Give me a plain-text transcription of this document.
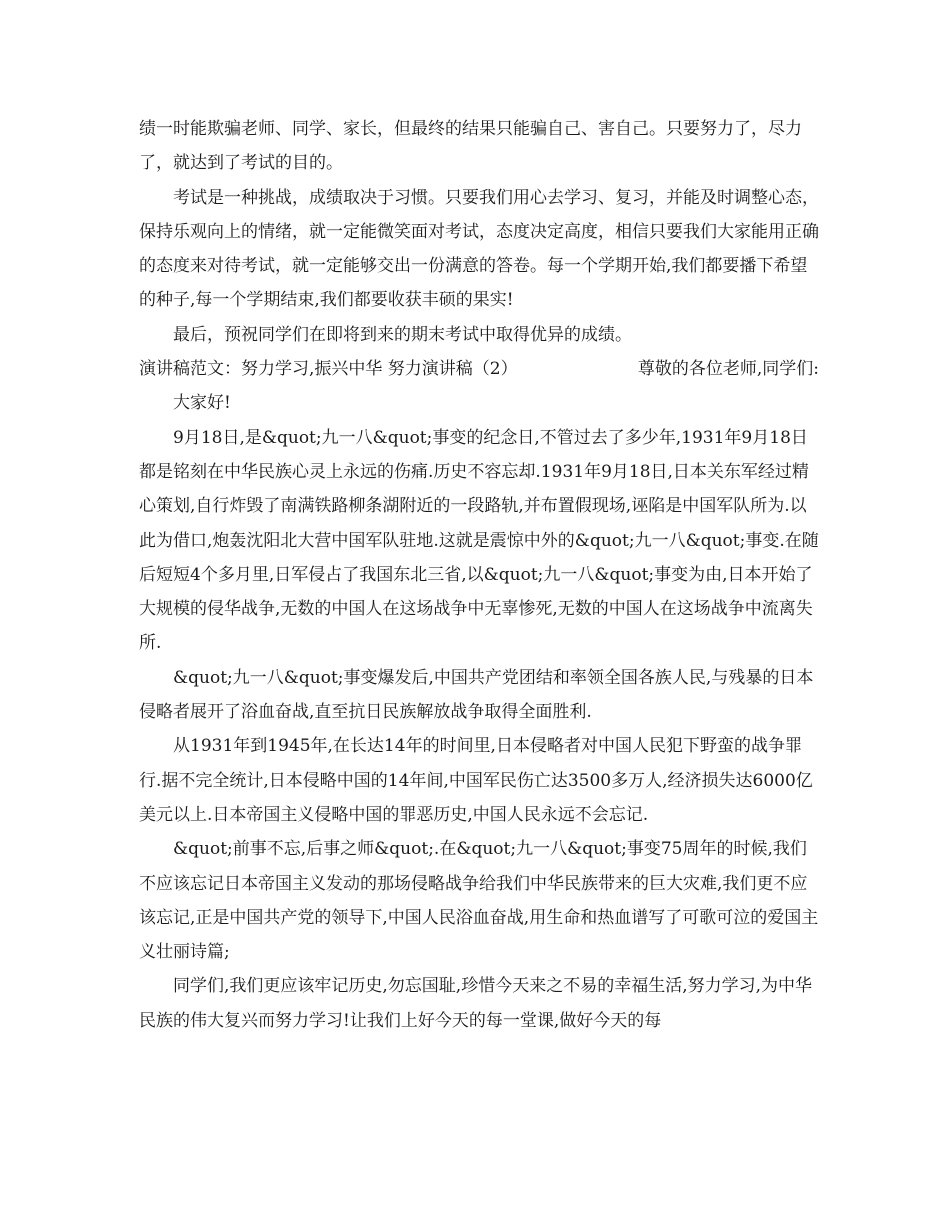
绩一时能欺骗老师、同学、家长，但最终的结果只能骗自己、害自己。只要努力了，尽力了，就达到了考试的目的。

考试是一种挑战，成绩取决于习惯。只要我们用心去学习、复习，并能及时调整心态，保持乐观向上的情绪，就一定能微笑面对考试，态度决定高度，相信只要我们大家能用正确的态度来对待考试，就一定能够交出一份满意的答卷。每一个学期开始,我们都要播下希望的种子,每一个学期结束,我们都要收获丰硕的果实!

最后，预祝同学们在即将到来的期末考试中取得优异的成绩。

演讲稿范文：努力学习,振兴中华 努力演讲稿（2）	尊敬的各位老师,同学们:

大家好!

9月18日,是&quot;九一八&quot;事变的纪念日,不管过去了多少年,1931年9月18日都是铭刻在中华民族心灵上永远的伤痛.历史不容忘却.1931年9月18日,日本关东军经过精心策划,自行炸毁了南满铁路柳条湖附近的一段路轨,并布置假现场,诬陷是中国军队所为.以此为借口,炮轰沈阳北大营中国军队驻地.这就是震惊中外的&quot;九一八&quot;事变.在随后短短4个多月里,日军侵占了我国东北三省,以&quot;九一八&quot;事变为由,日本开始了大规模的侵华战争,无数的中国人在这场战争中无辜惨死,无数的中国人在这场战争中流离失所.

&quot;九一八&quot;事变爆发后,中国共产党团结和率领全国各族人民,与残暴的日本侵略者展开了浴血奋战,直至抗日民族解放战争取得全面胜利.

从1931年到1945年,在长达14年的时间里,日本侵略者对中国人民犯下野蛮的战争罪行.据不完全统计,日本侵略中国的14年间,中国军民伤亡达3500多万人,经济损失达6000亿美元以上.日本帝国主义侵略中国的罪恶历史,中国人民永远不会忘记.

&quot;前事不忘,后事之师&quot;.在&quot;九一八&quot;事变75周年的时候,我们不应该忘记日本帝国主义发动的那场侵略战争给我们中华民族带来的巨大灾难,我们更不应该忘记,正是中国共产党的领导下,中国人民浴血奋战,用生命和热血谱写了可歌可泣的爱国主义壮丽诗篇;

同学们,我们更应该牢记历史,勿忘国耻,珍惜今天来之不易的幸福生活,努力学习,为中华民族的伟大复兴而努力学习!让我们上好今天的每一堂课,做好今天的每
